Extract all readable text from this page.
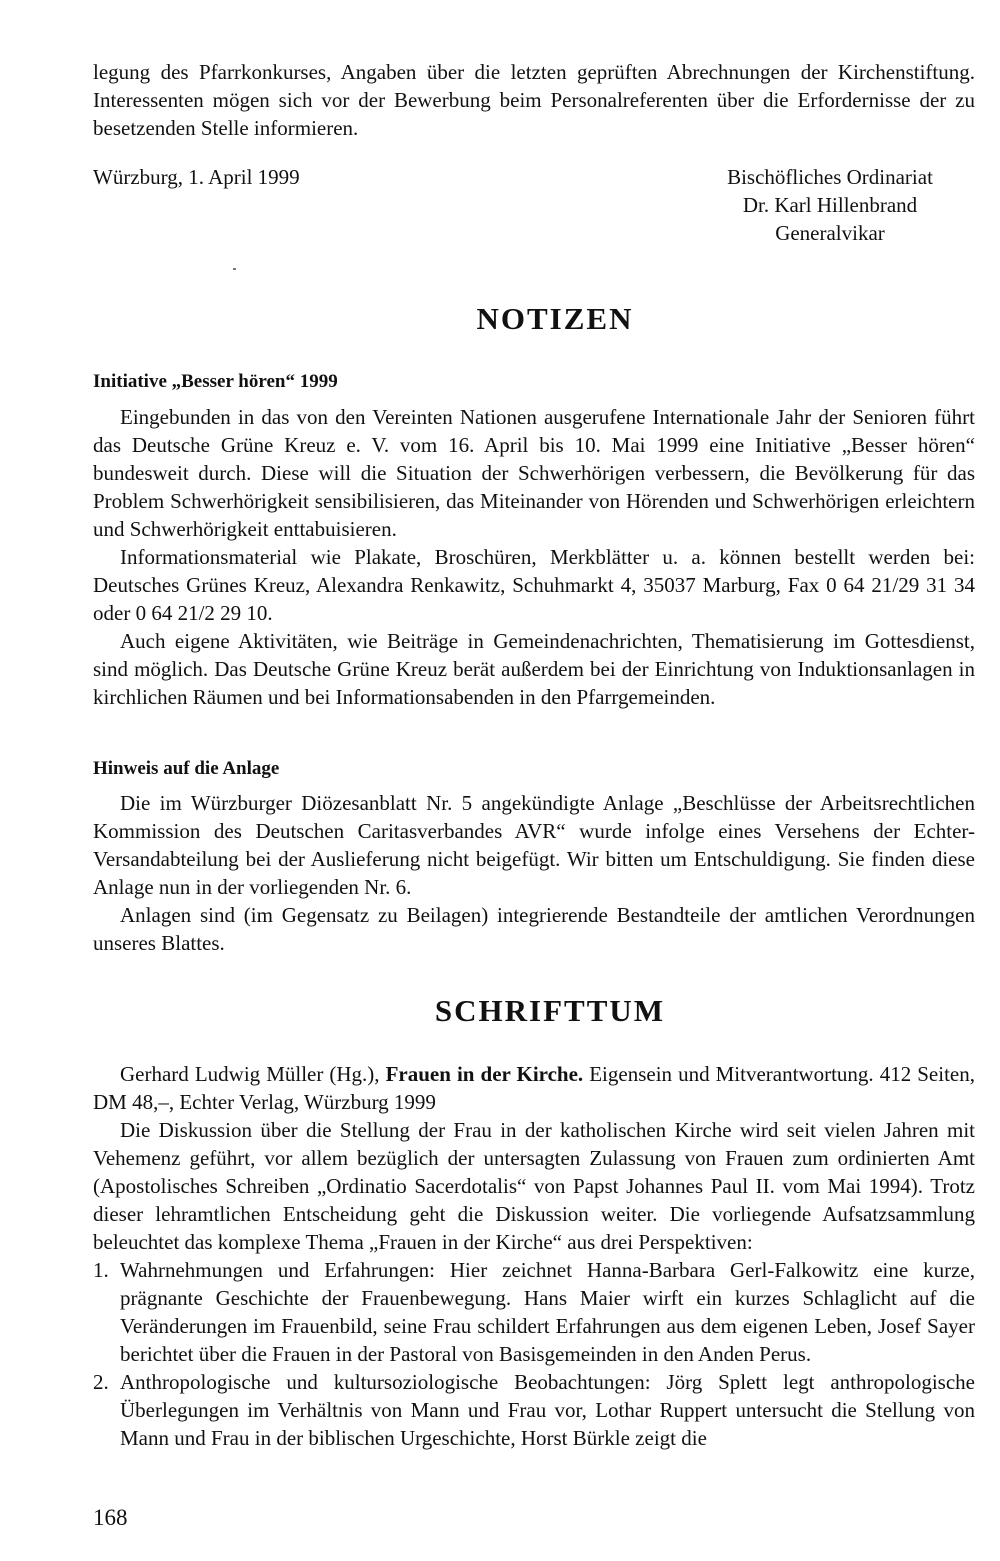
legung des Pfarrkonkurses, Angaben über die letzten geprüften Abrechnungen der Kirchenstiftung. Interessenten mögen sich vor der Bewerbung beim Personalreferenten über die Erfordernisse der zu besetzenden Stelle informieren.

Würzburg, 1. April 1999	Bischöfliches Ordinariat
Dr. Karl Hillenbrand
Generalvikar
NOTIZEN
Initiative „Besser hören“ 1999

Eingebunden in das von den Vereinten Nationen ausgerufene Internationale Jahr der Senioren führt das Deutsche Grüne Kreuz e. V. vom 16. April bis 10. Mai 1999 eine Initiative „Besser hören“ bundesweit durch. Diese will die Situation der Schwerhörigen verbessern, die Bevölkerung für das Problem Schwerhörigkeit sensibilisieren, das Miteinander von Hörenden und Schwerhörigen erleichtern und Schwerhörigkeit enttabuisieren.

Informationsmaterial wie Plakate, Broschüren, Merkblätter u. a. können bestellt werden bei: Deutsches Grünes Kreuz, Alexandra Renkawitz, Schuhmarkt 4, 35037 Marburg, Fax 0 64 21/29 31 34 oder 0 64 21/2 29 10.

Auch eigene Aktivitäten, wie Beiträge in Gemeindenachrichten, Thematisierung im Gottesdienst, sind möglich. Das Deutsche Grüne Kreuz berät außerdem bei der Einrichtung von Induktionsanlagen in kirchlichen Räumen und bei Informationsabenden in den Pfarrgemeinden.

Hinweis auf die Anlage

Die im Würzburger Diözesanblatt Nr. 5 angekündigte Anlage „Beschlüsse der Arbeitsrechtlichen Kommission des Deutschen Caritasverbandes AVR“ wurde infolge eines Versehens der Echter-Versandabteilung bei der Auslieferung nicht beigefügt. Wir bitten um Entschuldigung. Sie finden diese Anlage nun in der vorliegenden Nr. 6.

Anlagen sind (im Gegensatz zu Beilagen) integrierende Bestandteile der amtlichen Verordnungen unseres Blattes.

SCHRIFTTUM

Gerhard Ludwig Müller (Hg.), Frauen in der Kirche. Eigensein und Mitverantwortung. 412 Seiten, DM 48,–, Echter Verlag, Würzburg 1999

Die Diskussion über die Stellung der Frau in der katholischen Kirche wird seit vielen Jahren mit Vehemenz geführt, vor allem bezüglich der untersagten Zulassung von Frauen zum ordinierten Amt (Apostolisches Schreiben „Ordinatio Sacerdotalis“ von Papst Johannes Paul II. vom Mai 1994). Trotz dieser lehramtlichen Entscheidung geht die Diskussion weiter. Die vorliegende Aufsatzsammlung beleuchtet das komplexe Thema „Frauen in der Kirche“ aus drei Perspektiven:

1. Wahrnehmungen und Erfahrungen: Hier zeichnet Hanna-Barbara Gerl-Falkowitz eine kurze, prägnante Geschichte der Frauenbewegung. Hans Maier wirft ein kurzes Schlaglicht auf die Veränderungen im Frauenbild, seine Frau schildert Erfahrungen aus dem eigenen Leben, Josef Sayer berichtet über die Frauen in der Pastoral von Basisgemeinden in den Anden Perus.
2. Anthropologische und kultursoziologische Beobachtungen: Jörg Splett legt anthropologische Überlegungen im Verhältnis von Mann und Frau vor, Lothar Ruppert untersucht die Stellung von Mann und Frau in der biblischen Urgeschichte, Horst Bürkle zeigt die
168
